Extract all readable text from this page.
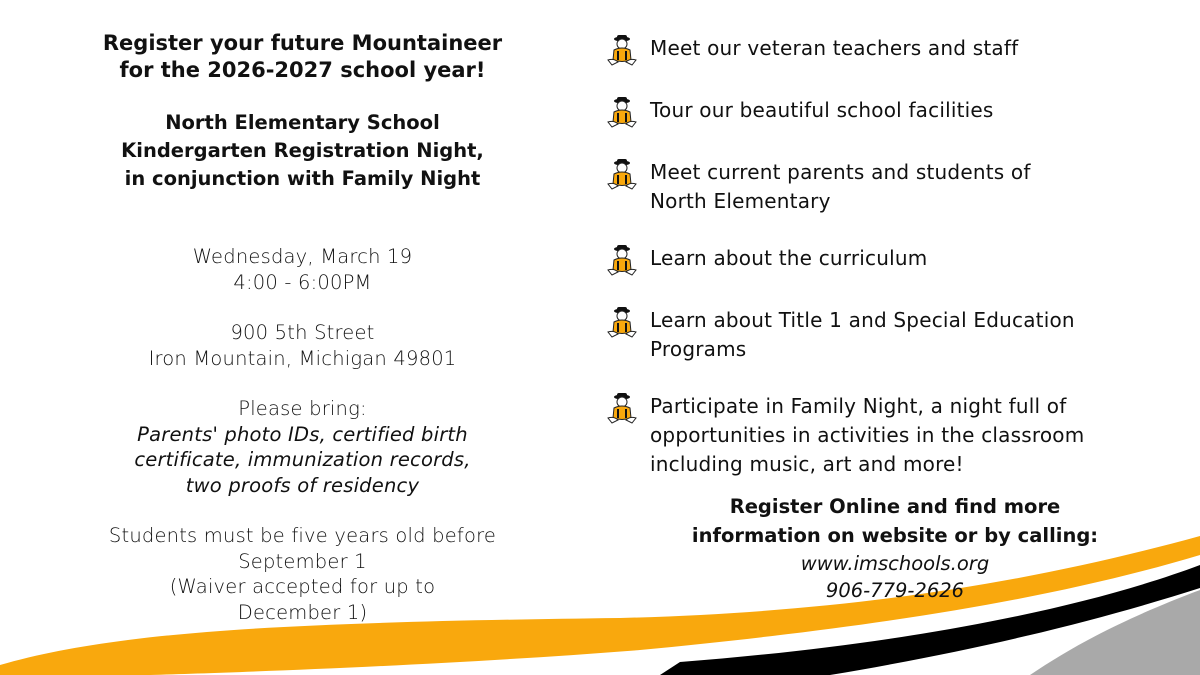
Register your future Mountaineer
for the 2026-2027 school year!

North Elementary School
Kindergarten Registration Night,
in conjunction with Family Night

Wednesday, March 19
4:00 - 6:00PM

900 5th Street
Iron Mountain, Michigan 49801

Please bring:

Parents' photo IDs, certified birth
certificate, immunization records,
two proofs of residency

Students must be five years old before
September 1
(Waiver accepted for up to
December 1)

Meet our veteran teachers and staff
Tour our beautiful school facilities
Meet current parents and students of
North Elementary
Learn about the curriculum
Learn about Title 1 and Special Education
Programs
Participate in Family Night, a night full of
opportunities in activities in the classroom
including music, art and more!
Register Online and find more
information on website or by calling:
www.imschools.org
906-779-2626
